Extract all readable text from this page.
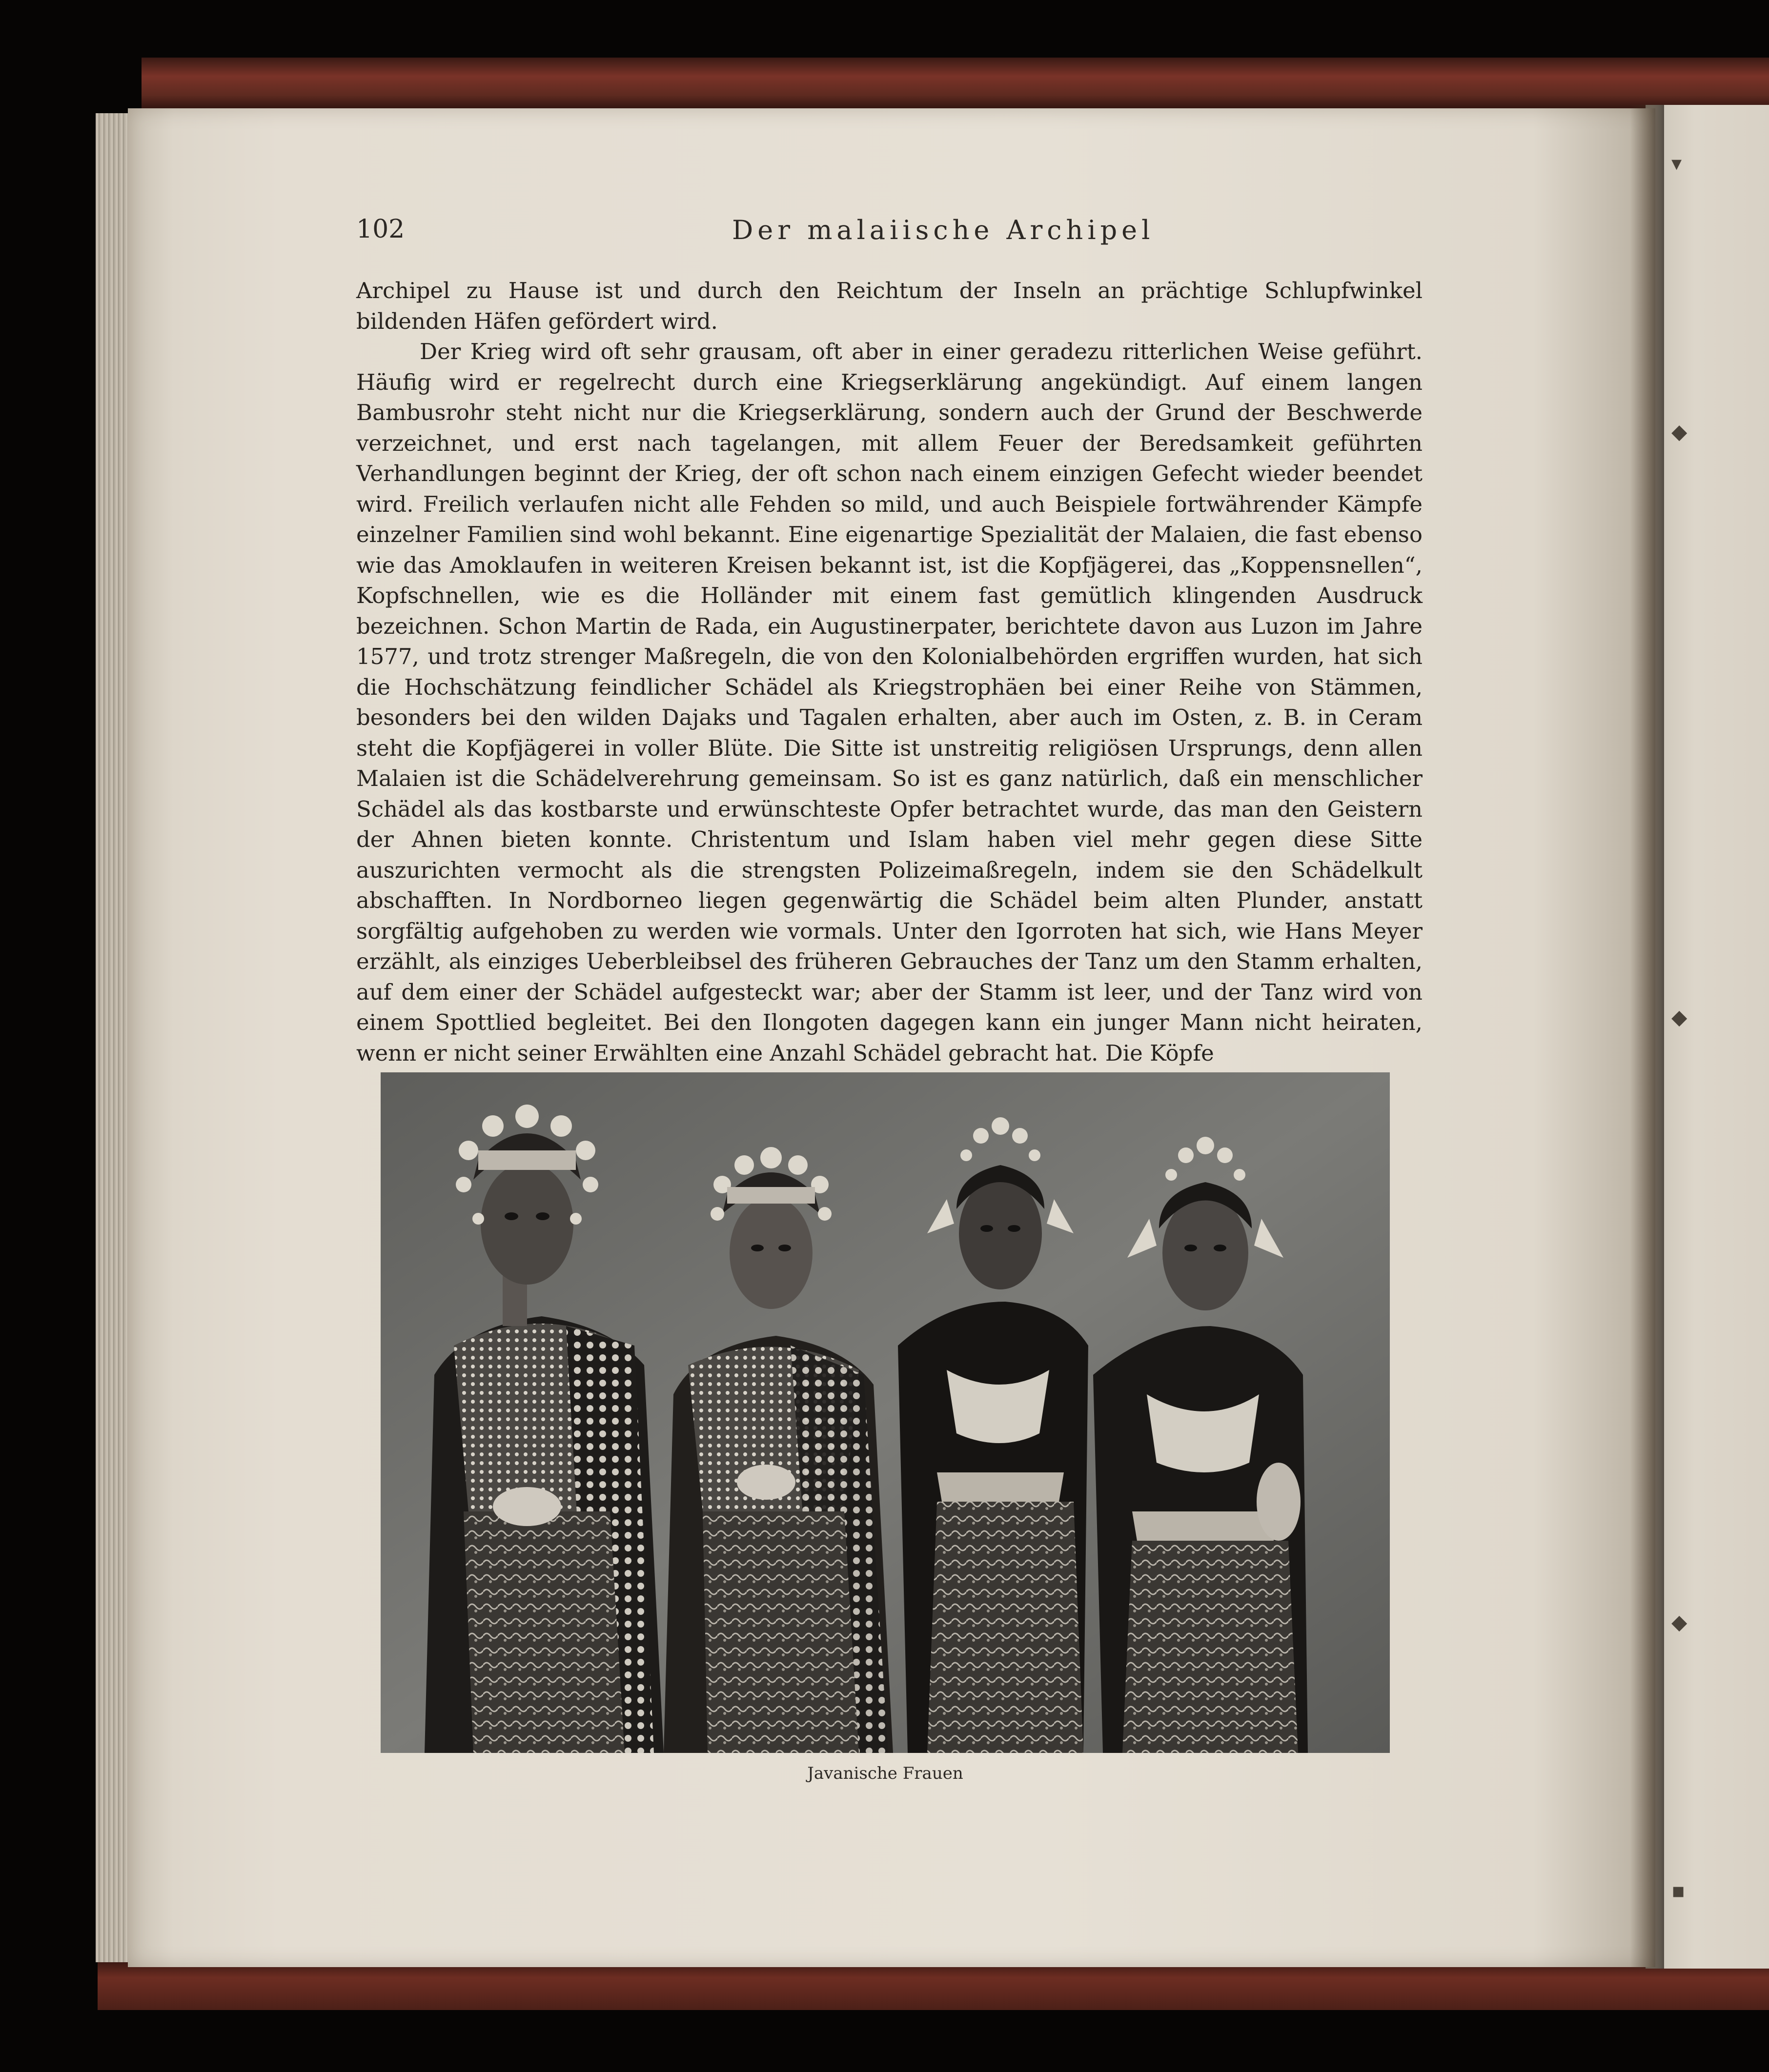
▾
◆
◆
◆
▪
102	Der malaiische Archipel

Archipel zu Hause ist und durch den Reichtum der Inseln an prächtige Schlupfwinkel bildenden Häfen gefördert wird.

Der Krieg wird oft sehr grausam, oft aber in einer geradezu ritterlichen Weise geführt. Häufig wird er regelrecht durch eine Kriegserklärung angekündigt. Auf einem langen Bambusrohr steht nicht nur die Kriegserklärung, sondern auch der Grund der Beschwerde verzeichnet, und erst nach tagelangen, mit allem Feuer der Beredsamkeit geführten Verhandlungen beginnt der Krieg, der oft schon nach einem einzigen Gefecht wieder beendet wird. Freilich verlaufen nicht alle Fehden so mild, und auch Beispiele fortwährender Kämpfe einzelner Familien sind wohl bekannt. Eine eigenartige Spezialität der Malaien, die fast ebenso wie das Amoklaufen in weiteren Kreisen bekannt ist, ist die Kopfjägerei, das „Koppensnellen“, Kopfschnellen, wie es die Holländer mit einem fast gemütlich klingenden Ausdruck bezeichnen. Schon Martin de Rada, ein Augustinerpater, berichtete davon aus Luzon im Jahre 1577, und trotz strenger Maßregeln, die von den Kolonialbehörden ergriffen wurden, hat sich die Hochschätzung feindlicher Schädel als Kriegstrophäen bei einer Reihe von Stämmen, besonders bei den wilden Dajaks und Tagalen erhalten, aber auch im Osten, z. B. in Ceram steht die Kopfjägerei in voller Blüte. Die Sitte ist unstreitig religiösen Ursprungs, denn allen Malaien ist die Schädelverehrung gemeinsam. So ist es ganz natürlich, daß ein menschlicher Schädel als das kostbarste und erwünschteste Opfer betrachtet wurde, das man den Geistern der Ahnen bieten konnte. Christentum und Islam haben viel mehr gegen diese Sitte auszurichten vermocht als die strengsten Polizeimaßregeln, indem sie den Schädelkult abschafften. In Nordborneo liegen gegenwärtig die Schädel beim alten Plunder, anstatt sorgfältig aufgehoben zu werden wie vormals. Unter den Igorroten hat sich, wie Hans Meyer erzählt, als einziges Ueberbleibsel des früheren Gebrauches der Tanz um den Stamm erhalten, auf dem einer der Schädel aufgesteckt war; aber der Stamm ist leer, und der Tanz wird von einem Spottlied begleitet. Bei den Ilongoten dagegen kann ein junger Mann nicht heiraten, wenn er nicht seiner Erwählten eine Anzahl Schädel gebracht hat. Die Köpfe

Javanische Frauen
